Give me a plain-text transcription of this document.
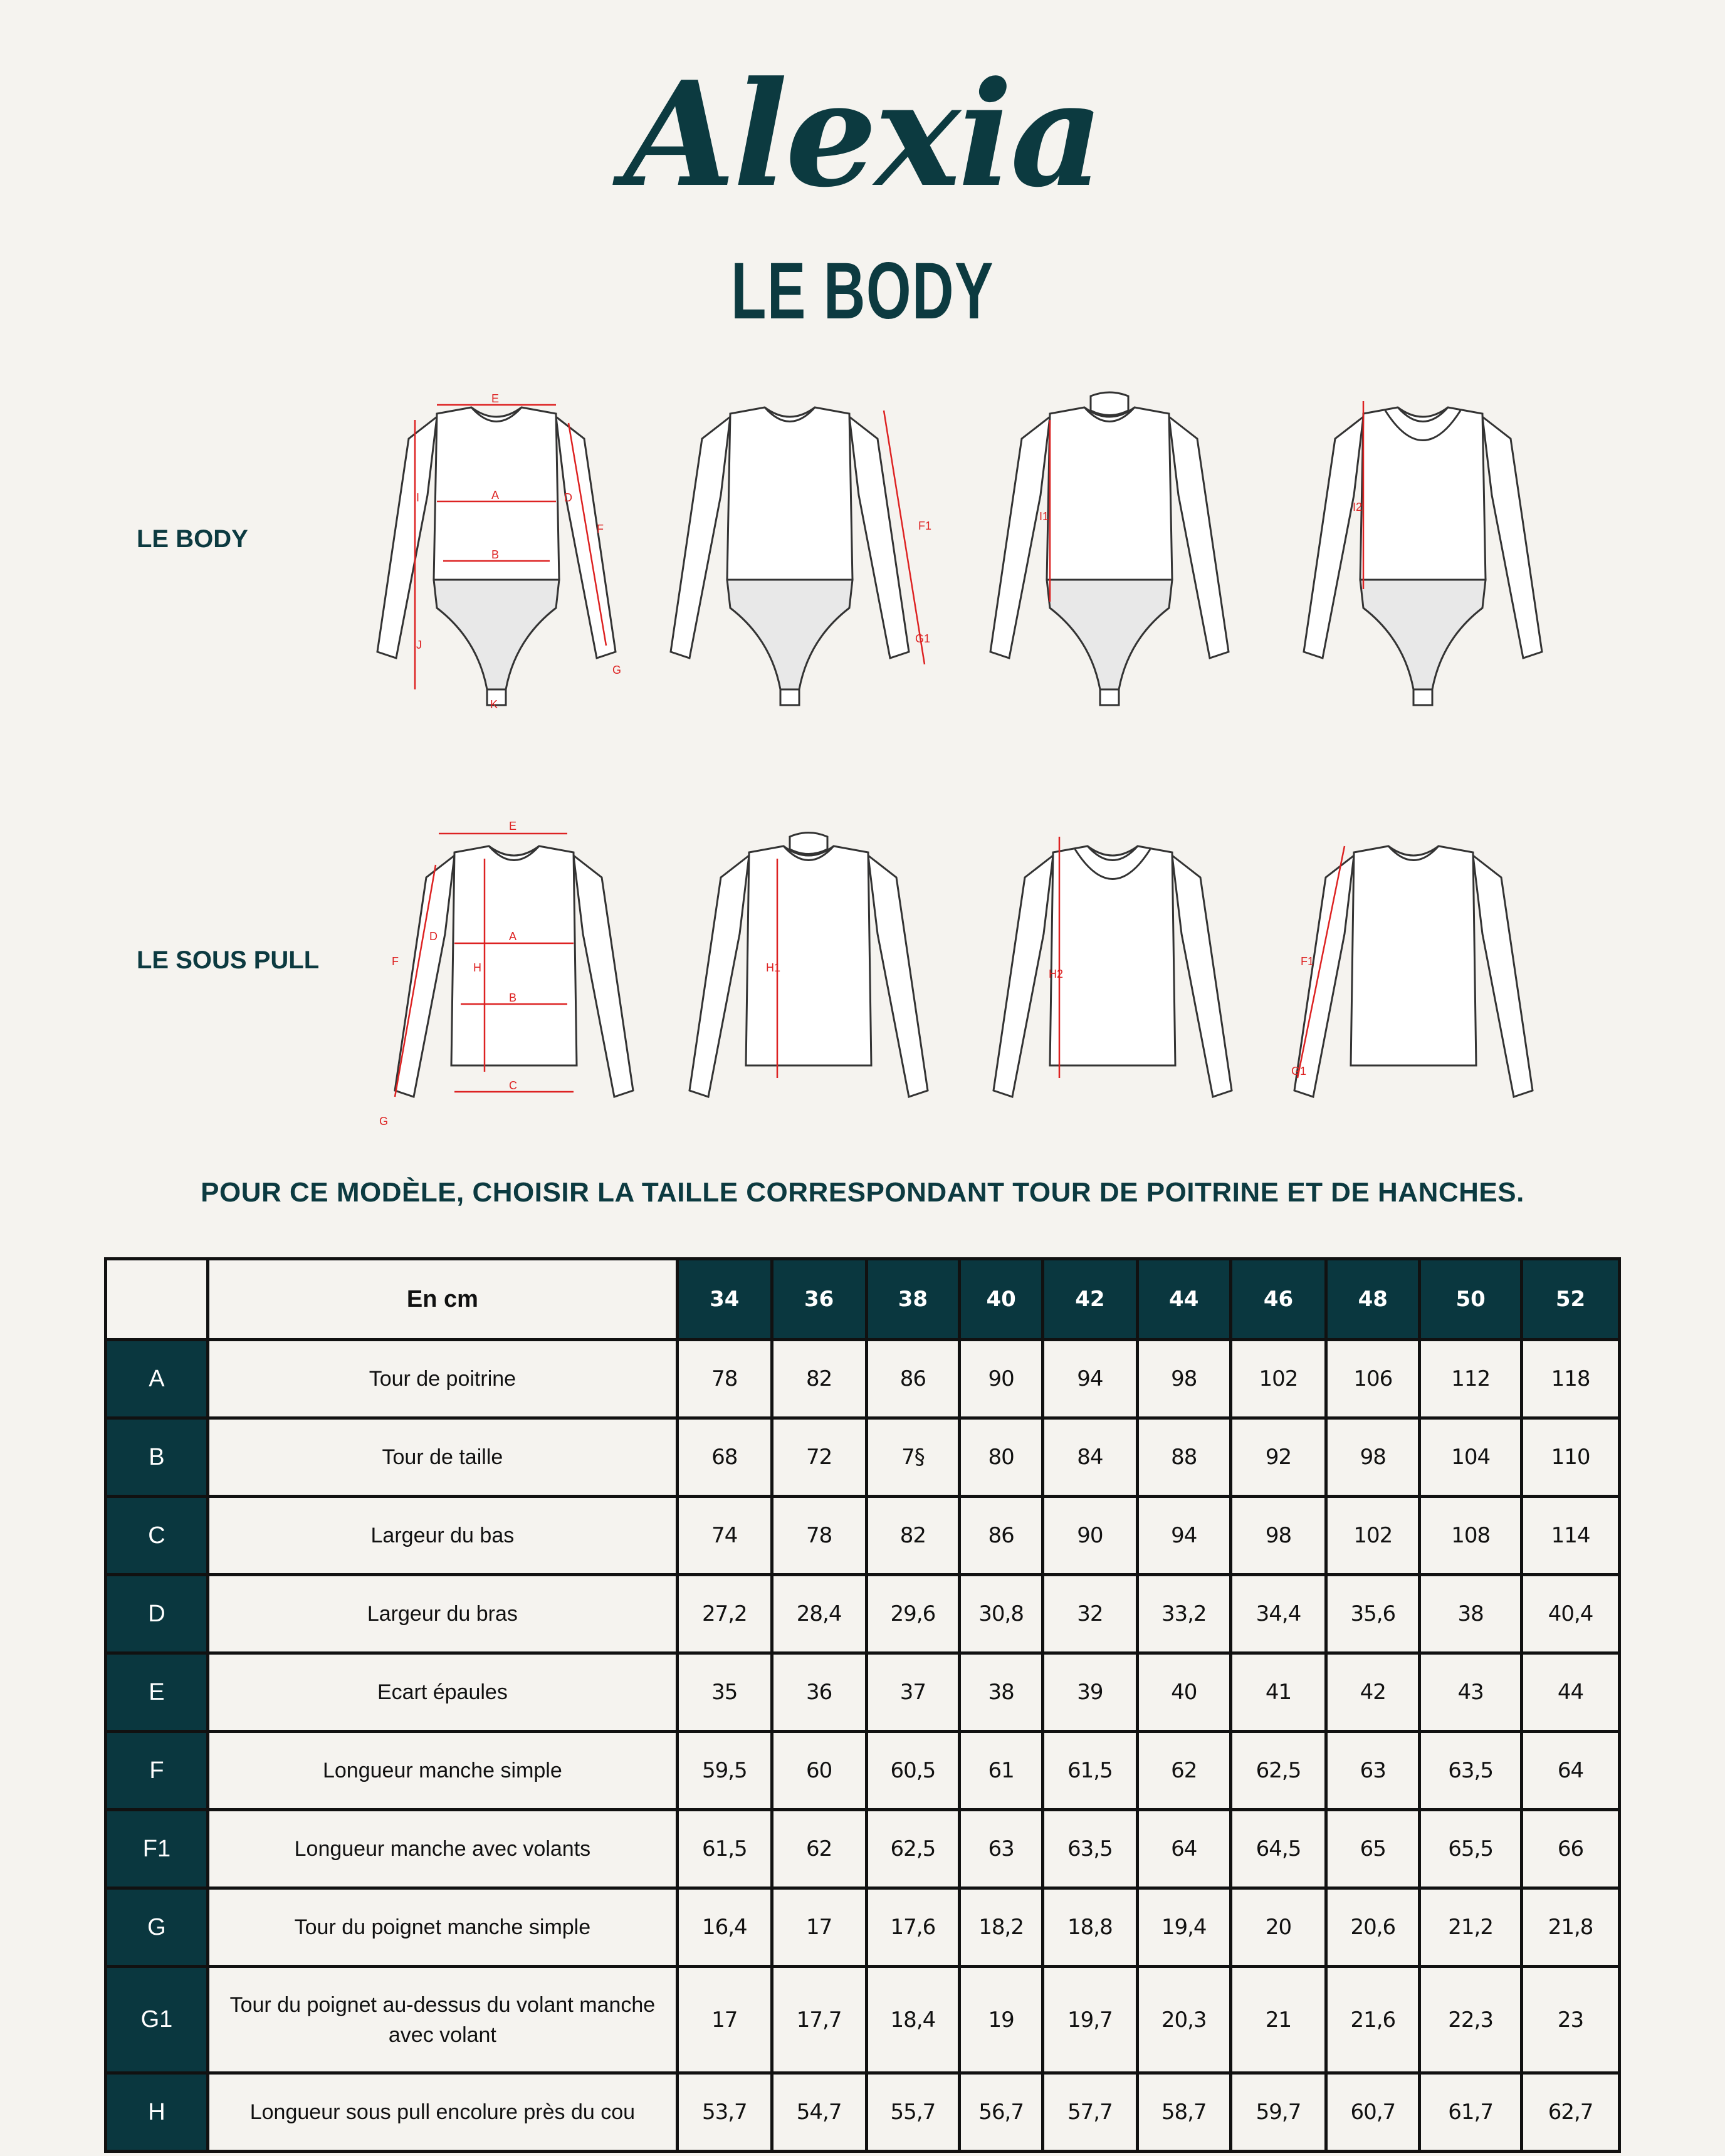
Alexia
LE BODY
LE BODY
LE SOUS PULL
E
A
B
I
J
F
D
G
K
F1
G1
I1
I2
E
A
B
C
H
F
D
G
H1	H2
F1
G1
POUR CE MODÈLE, CHOISIR LA TAILLE CORRESPONDANT TOUR DE POITRINE ET DE HANCHES.
	En cm	34	36	38	40	42	44	46	48	50	52
A	Tour de poitrine	78	82	86	90	94	98	102	106	112	118
B	Tour de taille	68	72	7§	80	84	88	92	98	104	110
C	Largeur du bas	74	78	82	86	90	94	98	102	108	114
D	Largeur du bras	27,2	28,4	29,6	30,8	32	33,2	34,4	35,6	38	40,4
E	Ecart épaules	35	36	37	38	39	40	41	42	43	44
F	Longueur manche simple	59,5	60	60,5	61	61,5	62	62,5	63	63,5	64
F1	Longueur manche avec volants	61,5	62	62,5	63	63,5	64	64,5	65	65,5	66
G	Tour du poignet manche simple	16,4	17	17,6	18,2	18,8	19,4	20	20,6	21,2	21,8
G1	Tour du poignet au-dessus du volant manche avec volant	17	17,7	18,4	19	19,7	20,3	21	21,6	22,3	23
H	Longueur sous pull encolure près du cou	53,7	54,7	55,7	56,7	57,7	58,7	59,7	60,7	61,7	62,7
